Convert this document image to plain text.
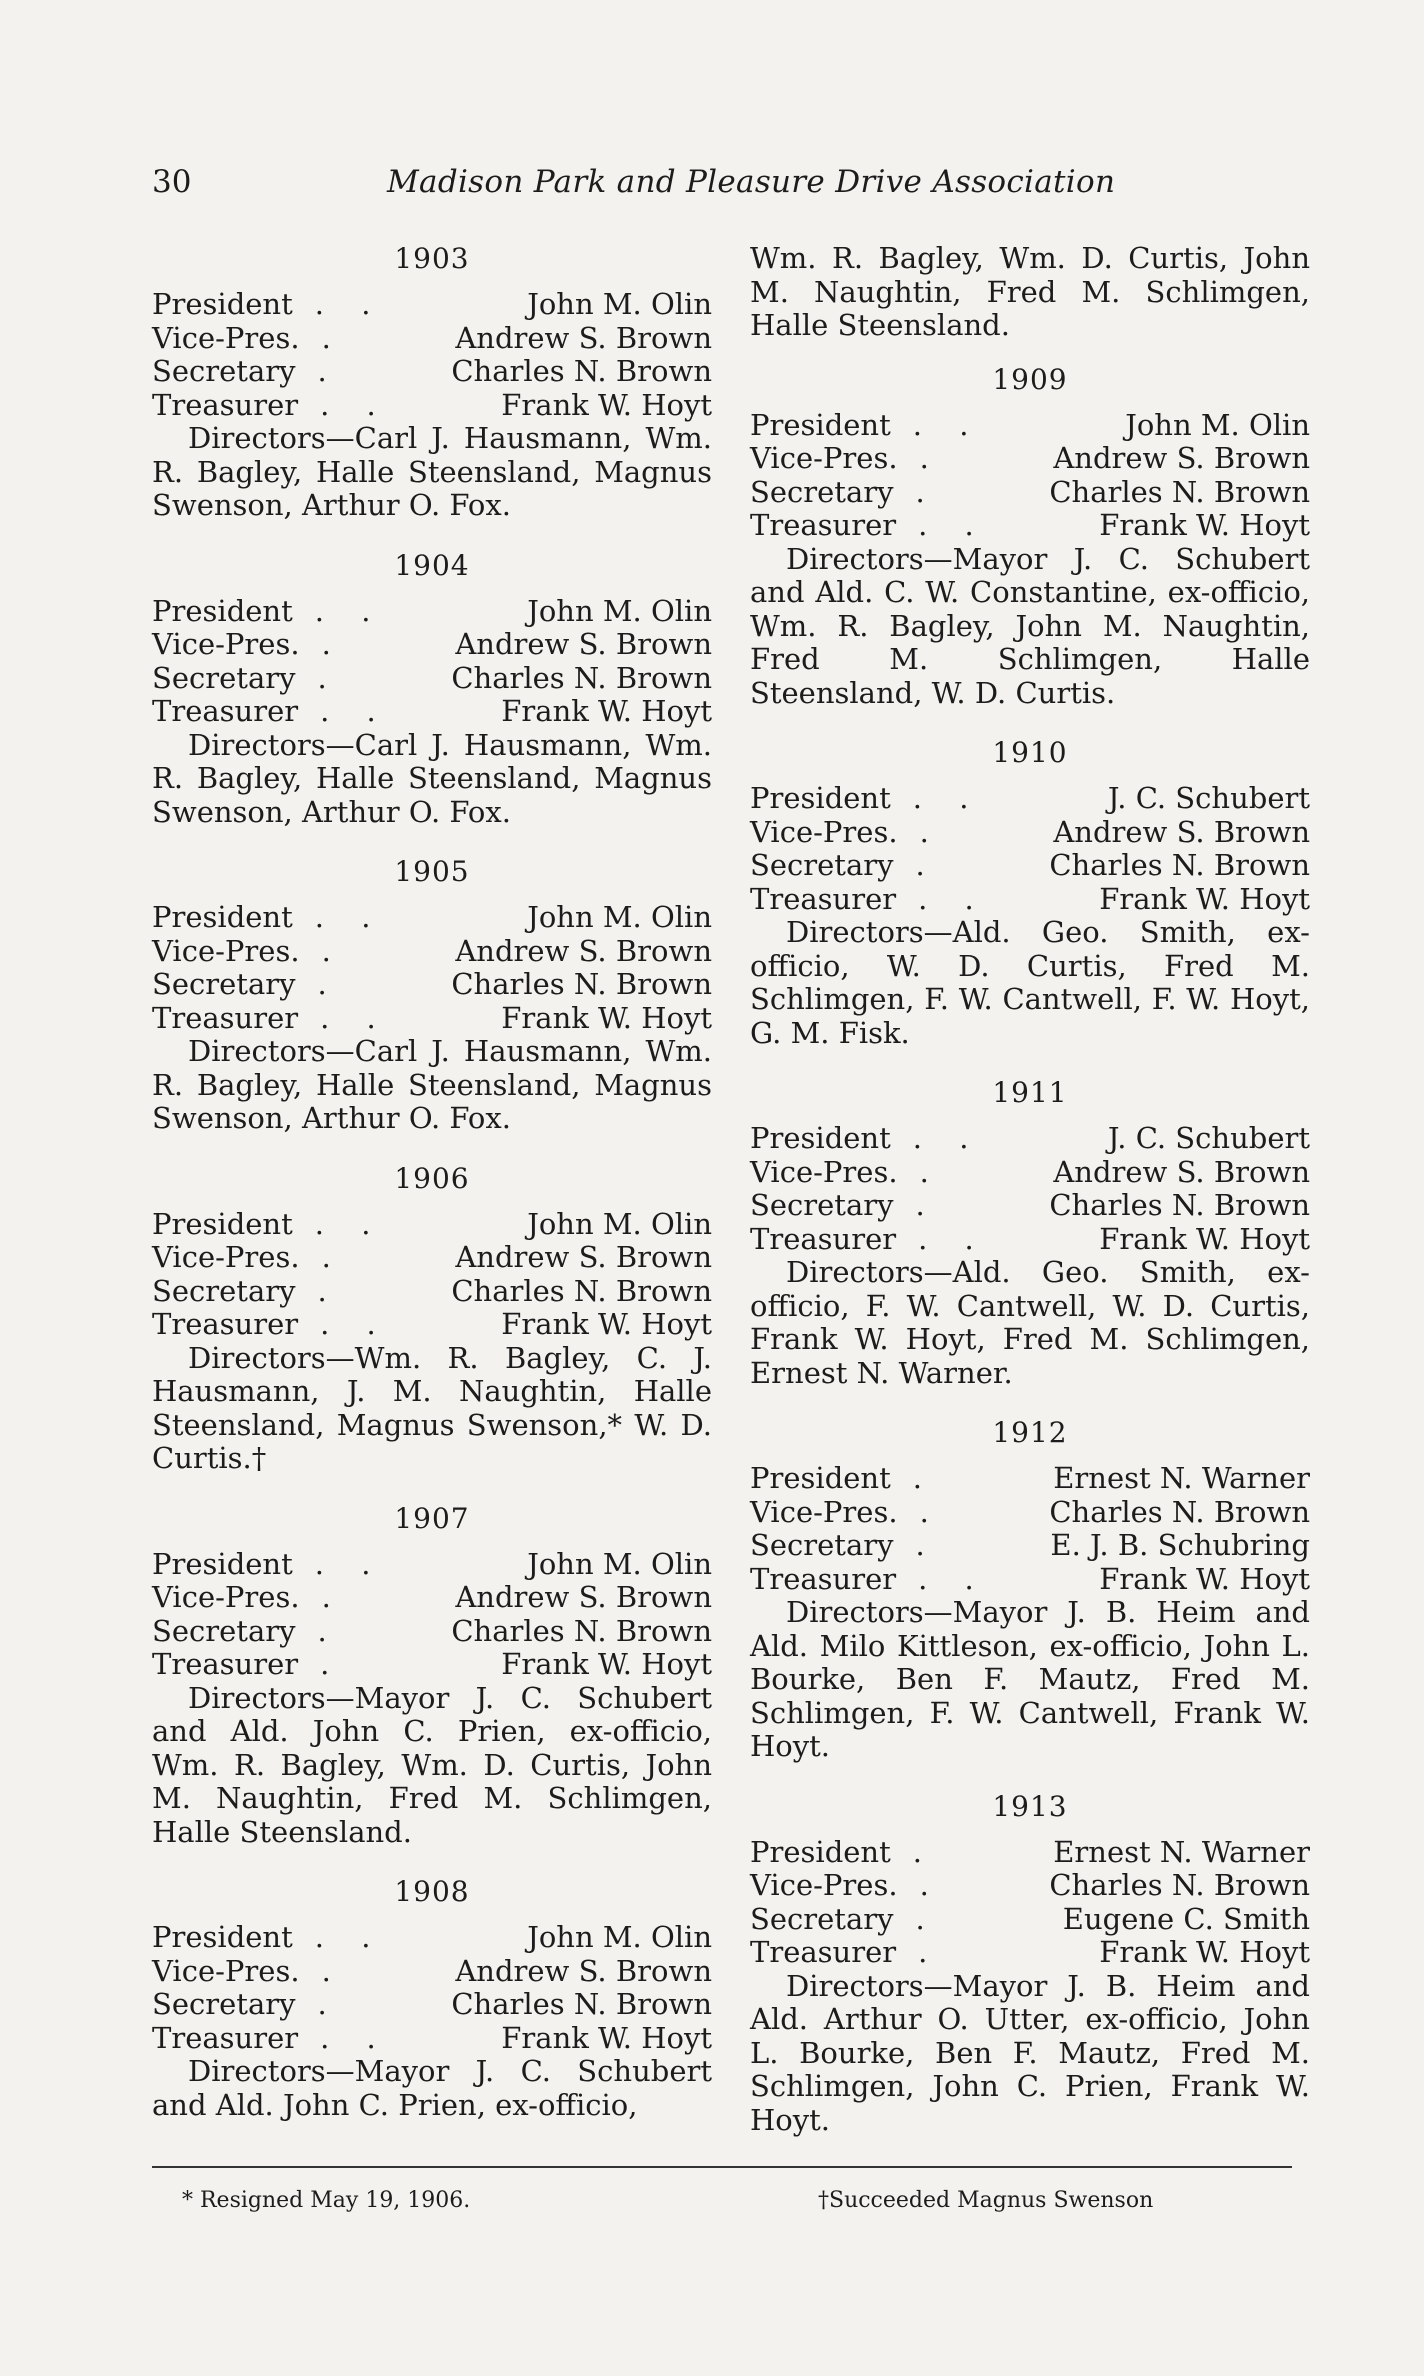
30	Madison Park and Pleasure Drive Association
1903
President . .	John M. Olin
Vice-Pres. .	Andrew S. Brown
Secretary .	Charles N. Brown
Treasurer . .	Frank W. Hoyt
Directors—Carl J. Hausmann, Wm. R. Bagley, Halle Steensland, Magnus Swenson, Arthur O. Fox.
1904
President . .	John M. Olin
Vice-Pres. .	Andrew S. Brown
Secretary .	Charles N. Brown
Treasurer . .	Frank W. Hoyt
Directors—Carl J. Hausmann, Wm. R. Bagley, Halle Steensland, Magnus Swenson, Arthur O. Fox.
1905
President . .	John M. Olin
Vice-Pres. .	Andrew S. Brown
Secretary .	Charles N. Brown
Treasurer . .	Frank W. Hoyt
Directors—Carl J. Hausmann, Wm. R. Bagley, Halle Steensland, Magnus Swenson, Arthur O. Fox.
1906
President . .	John M. Olin
Vice-Pres. .	Andrew S. Brown
Secretary .	Charles N. Brown
Treasurer . .	Frank W. Hoyt
Directors—Wm. R. Bagley, C. J. Hausmann, J. M. Naughtin, Halle Steensland, Magnus Swenson,* W. D. Curtis.†
1907
President . .	John M. Olin
Vice-Pres. .	Andrew S. Brown
Secretary .	Charles N. Brown
Treasurer .	Frank W. Hoyt
Directors—Mayor J. C. Schubert and Ald. John C. Prien, ex-officio, Wm. R. Bagley, Wm. D. Curtis, John M. Naughtin, Fred M. Schlimgen, Halle Steensland.
1908
President . .	John M. Olin
Vice-Pres. .	Andrew S. Brown
Secretary .	Charles N. Brown
Treasurer . .	Frank W. Hoyt
Directors—Mayor J. C. Schubert and Ald. John C. Prien, ex-officio,
Wm. R. Bagley, Wm. D. Curtis, John M. Naughtin, Fred M. Schlimgen, Halle Steensland.
1909
President . .	John M. Olin
Vice-Pres. .	Andrew S. Brown
Secretary .	Charles N. Brown
Treasurer . .	Frank W. Hoyt
Directors—Mayor J. C. Schubert and Ald. C. W. Constantine, ex-officio, Wm. R. Bagley, John M. Naughtin, Fred M. Schlimgen, Halle Steensland, W. D. Curtis.
1910
President . .	J. C. Schubert
Vice-Pres. .	Andrew S. Brown
Secretary .	Charles N. Brown
Treasurer . .	Frank W. Hoyt
Directors—Ald. Geo. Smith, ex-officio, W. D. Curtis, Fred M. Schlimgen, F. W. Cantwell, F. W. Hoyt, G. M. Fisk.
1911
President . .	J. C. Schubert
Vice-Pres. .	Andrew S. Brown
Secretary .	Charles N. Brown
Treasurer . .	Frank W. Hoyt
Directors—Ald. Geo. Smith, ex-officio, F. W. Cantwell, W. D. Curtis, Frank W. Hoyt, Fred M. Schlimgen, Ernest N. Warner.
1912
President .	Ernest N. Warner
Vice-Pres. .	Charles N. Brown
Secretary .	E. J. B. Schubring
Treasurer . .	Frank W. Hoyt
Directors—Mayor J. B. Heim and Ald. Milo Kittleson, ex-officio, John L. Bourke, Ben F. Mautz, Fred M. Schlimgen, F. W. Cantwell, Frank W. Hoyt.
1913
President .	Ernest N. Warner
Vice-Pres. .	Charles N. Brown
Secretary .	Eugene C. Smith
Treasurer .	Frank W. Hoyt
Directors—Mayor J. B. Heim and Ald. Arthur O. Utter, ex-officio, John L. Bourke, Ben F. Mautz, Fred M. Schlimgen, John C. Prien, Frank W. Hoyt.
* Resigned May 19, 1906.	†Succeeded Magnus Swenson
